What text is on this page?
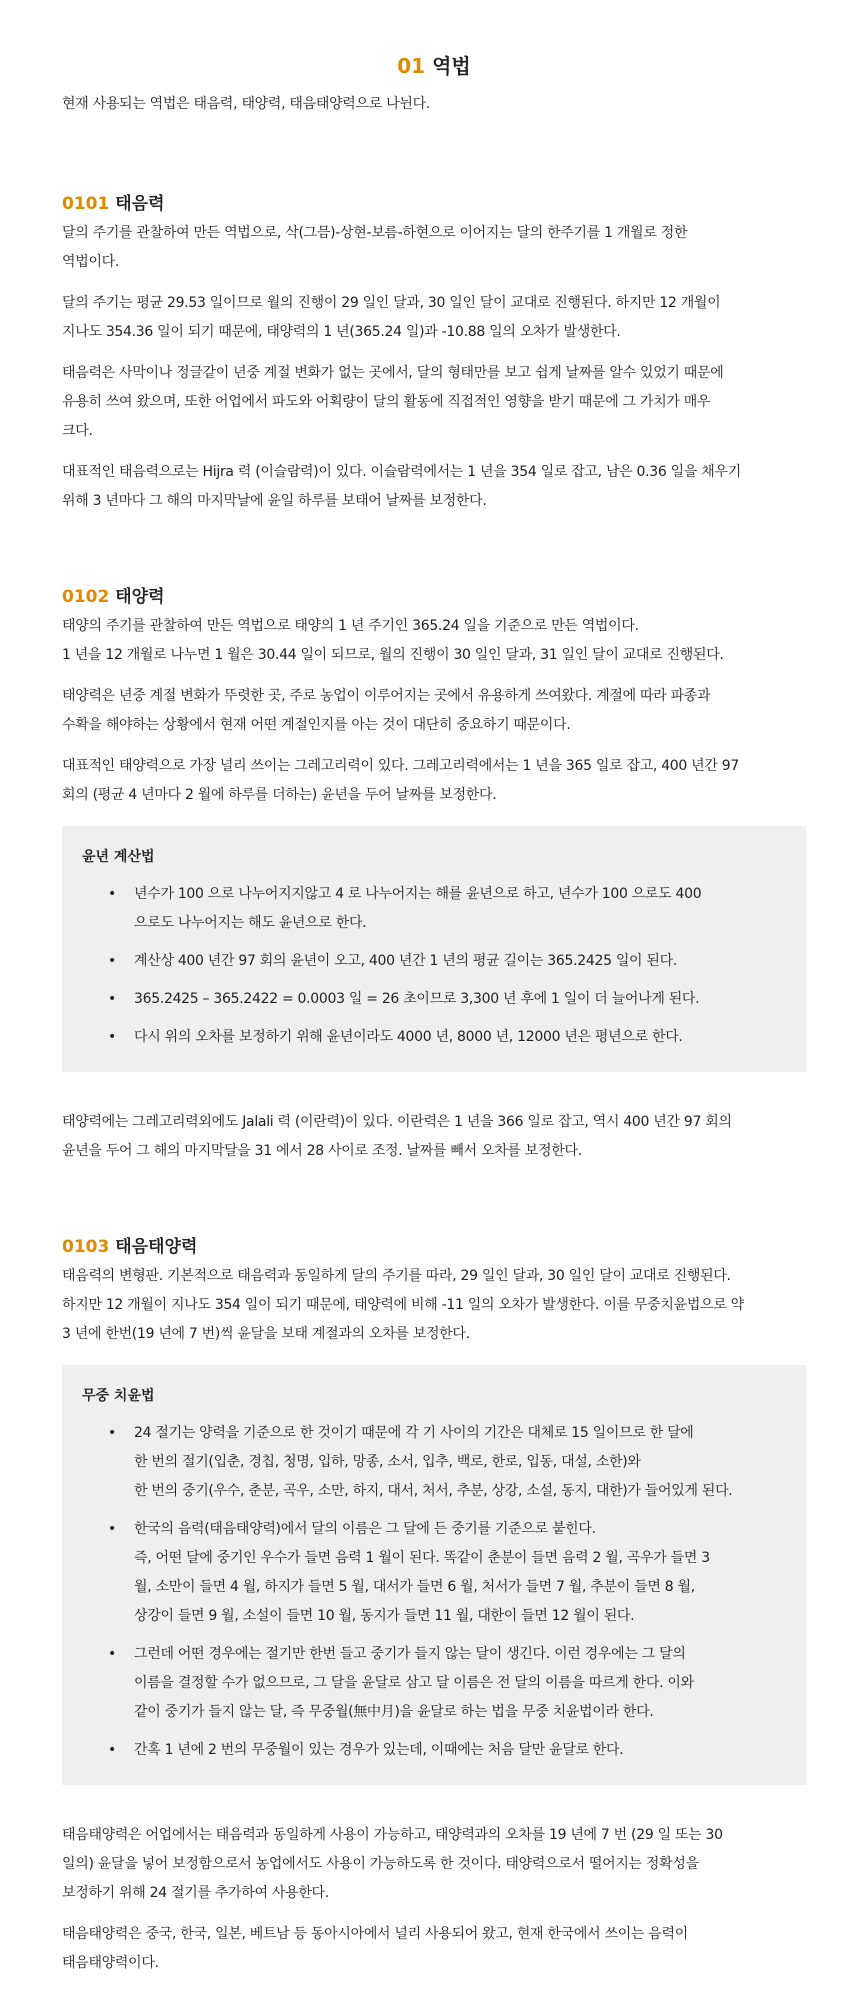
01 역법

현재 사용되는 역법은 태음력, 태양력, 태음태양력으로 나뉜다.

0101 태음력

달의 주기를 관찰하여 만든 역법으로, 삭(그믐)-상현-보름-하현으로 이어지는 달의 한주기를 1 개월로 정한
역법이다.

달의 주기는 평균 29.53 일이므로 월의 진행이 29 일인 달과, 30 일인 달이 교대로 진행된다. 하지만 12 개월이
지나도 354.36 일이 되기 때문에, 태양력의 1 년(365.24 일)과 -10.88 일의 오차가 발생한다.

태음력은 사막이나 정글같이 년중 계절 변화가 없는 곳에서, 달의 형태만를 보고 쉽게 날짜를 알수 있었기 때문에
유용히 쓰여 왔으며, 또한 어업에서 파도와 어획량이 달의 활동에 직접적인 영향을 받기 때문에 그 가치가 매우
크다.

대표적인 태음력으로는 Hijra 력 (이슬람력)이 있다. 이슬람력에서는 1 년을 354 일로 잡고, 남은 0.36 일을 채우기
위해 3 년마다 그 해의 마지막날에 윤일 하루를 보태어 날짜를 보정한다.

0102 태양력

태양의 주기를 관찰하여 만든 역법으로 태양의 1 년 주기인 365.24 일을 기준으로 만든 역법이다.
1 년을 12 개월로 나누면 1 월은 30.44 일이 되므로, 월의 진행이 30 일인 달과, 31 일인 달이 교대로 진행된다.

태양력은 년중 계절 변화가 뚜렷한 곳, 주로 농업이 이루어지는 곳에서 유용하게 쓰여왔다. 계절에 따라 파종과
수확을 해야하는 상황에서 현재 어떤 계절인지를 아는 것이 대단히 중요하기 때문이다.

대표적인 태양력으로 가장 널리 쓰이는 그레고리력이 있다. 그레고리력에서는 1 년을 365 일로 잡고, 400 년간 97
회의 (평균 4 년마다 2 월에 하루를 더하는) 윤년을 두어 날짜를 보정한다.

윤년 계산법
• 년수가 100 으로 나누어지지않고 4 로 나누어지는 해를 윤년으로 하고, 년수가 100 으로도 400
으로도 나누어지는 해도 윤년으로 한다.
• 계산상 400 년간 97 회의 윤년이 오고, 400 년간 1 년의 평균 길이는 365.2425 일이 된다.
• 365.2425 – 365.2422 = 0.0003 일 = 26 초이므로 3,300 년 후에 1 일이 더 늘어나게 된다.
• 다시 위의 오차를 보정하기 위해 윤년이라도 4000 년, 8000 년, 12000 년은 평년으로 한다.

태양력에는 그레고리력외에도 Jalali 력 (이란력)이 있다. 이란력은 1 년을 366 일로 잡고, 역시 400 년간 97 회의
윤년을 두어 그 해의 마지막달을 31 에서 28 사이로 조정. 날짜를 빼서 오차를 보정한다.

0103 태음태양력

태음력의 변형판. 기본적으로 태음력과 동일하게 달의 주기를 따라, 29 일인 달과, 30 일인 달이 교대로 진행된다.
하지만 12 개월이 지나도 354 일이 되기 때문에, 태양력에 비해 -11 일의 오차가 발생한다. 이를 무중치윤법으로 약
3 년에 한번(19 년에 7 번)씩 윤달을 보태 계절과의 오차를 보정한다.

무중 치윤법
• 24 절기는 양력을 기준으로 한 것이기 때문에 각 기 사이의 기간은 대체로 15 일이므로 한 달에
한 번의 절기(입춘, 경칩, 청명, 입하, 망종, 소서, 입추, 백로, 한로, 입동, 대설, 소한)와
한 번의 중기(우수, 춘분, 곡우, 소만, 하지, 대서, 처서, 추분, 상강, 소설, 동지, 대한)가 들어있게 된다.
• 한국의 음력(태음태양력)에서 달의 이름은 그 달에 든 중기를 기준으로 붙힌다.
즉, 어떤 달에 중기인 우수가 들면 음력 1 월이 된다. 똑같이 춘분이 들면 음력 2 월, 곡우가 들면 3
월, 소만이 들면 4 월, 하지가 들면 5 월, 대서가 들면 6 월, 처서가 들면 7 월, 추분이 들면 8 월,
상강이 들면 9 월, 소설이 들면 10 월, 동지가 들면 11 월, 대한이 들면 12 월이 된다.
• 그런데 어떤 경우에는 절기만 한번 들고 중기가 들지 않는 달이 생긴다. 이런 경우에는 그 달의
이름을 결정할 수가 없으므로, 그 달을 윤달로 삼고 달 이름은 전 달의 이름을 따르게 한다. 이와
같이 중기가 들지 않는 달, 즉 무중월(無中月)을 윤달로 하는 법을 무중 치윤법이라 한다.
• 간혹 1 년에 2 번의 무중월이 있는 경우가 있는데, 이때에는 처음 달만 윤달로 한다.

태음태양력은 어업에서는 태음력과 동일하게 사용이 가능하고, 태양력과의 오차를 19 년에 7 번 (29 일 또는 30
일의) 윤달을 넣어 보정함으로서 농업에서도 사용이 가능하도록 한 것이다. 태양력으로서 떨어지는 정확성을
보정하기 위해 24 절기를 추가하여 사용한다.

태음태양력은 중국, 한국, 일본, 베트남 등 동아시아에서 널리 사용되어 왔고, 현재 한국에서 쓰이는 음력이
태음태양력이다.
